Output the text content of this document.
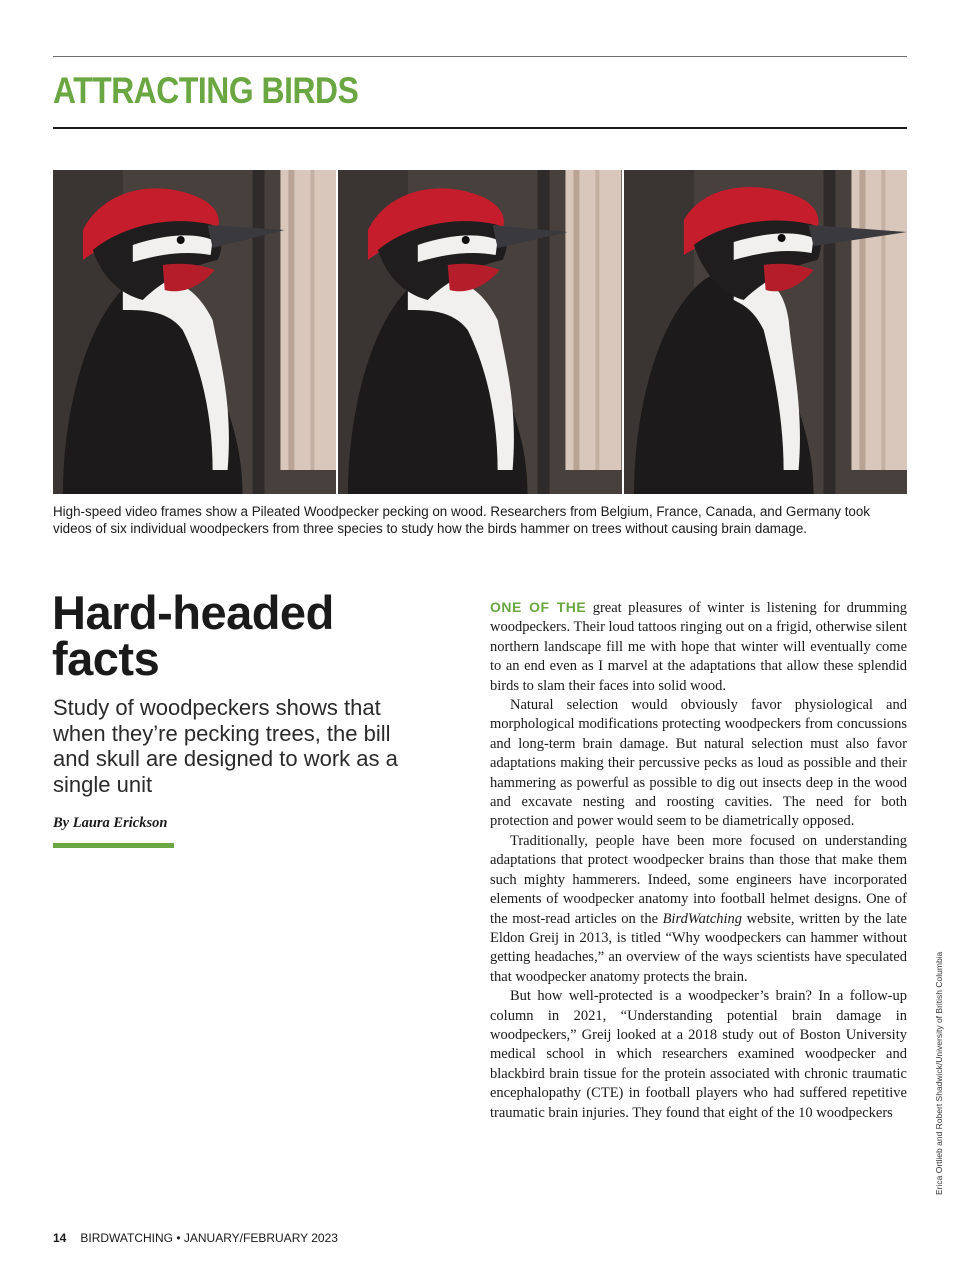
ATTRACTING BIRDS
High-speed video frames show a Pileated Woodpecker pecking on wood. Researchers from Belgium, France, Canada, and Germany took videos of six individual woodpeckers from three species to study how the birds hammer on trees without causing brain damage.
Hard-headed facts
Study of woodpeckers shows that when they’re pecking trees, the bill and skull are designed to work as a single unit
By Laura Erickson

ONE OF THE great pleasures of winter is listening for drumming woodpeckers. Their loud tattoos ringing out on a frigid, otherwise silent northern landscape fill me with hope that winter will eventually come to an end even as I marvel at the adaptations that allow these splendid birds to slam their faces into solid wood.

Natural selection would obviously favor physiological and morphological modifications protecting woodpeckers from concussions and long-term brain damage. But natural selection must also favor adaptations making their percussive pecks as loud as possible and their hammering as powerful as possible to dig out insects deep in the wood and excavate nesting and roosting cavities. The need for both protection and power would seem to be diametrically opposed.

Traditionally, people have been more focused on understanding adaptations that protect woodpecker brains than those that make them such mighty hammerers. Indeed, some engineers have incorporated elements of woodpecker anatomy into football helmet designs. One of the most-read articles on the BirdWatching website, written by the late Eldon Greij in 2013, is titled “Why woodpeckers can hammer without getting headaches,” an overview of the ways scientists have speculated that woodpecker anatomy protects the brain.

But how well-protected is a woodpecker’s brain? In a follow-up column in 2021, “Understanding potential brain damage in woodpeckers,” Greij looked at a 2018 study out of Boston University medical school in which researchers examined woodpecker and blackbird brain tissue for the protein associated with chronic traumatic encephalopathy (CTE) in football players who had suffered repetitive traumatic brain injuries. They found that eight of the 10 woodpeckers	Erica Ortlieb and Robert Shadwick/University of British Columbia
14 BIRDWATCHING • JANUARY/FEBRUARY 2023
